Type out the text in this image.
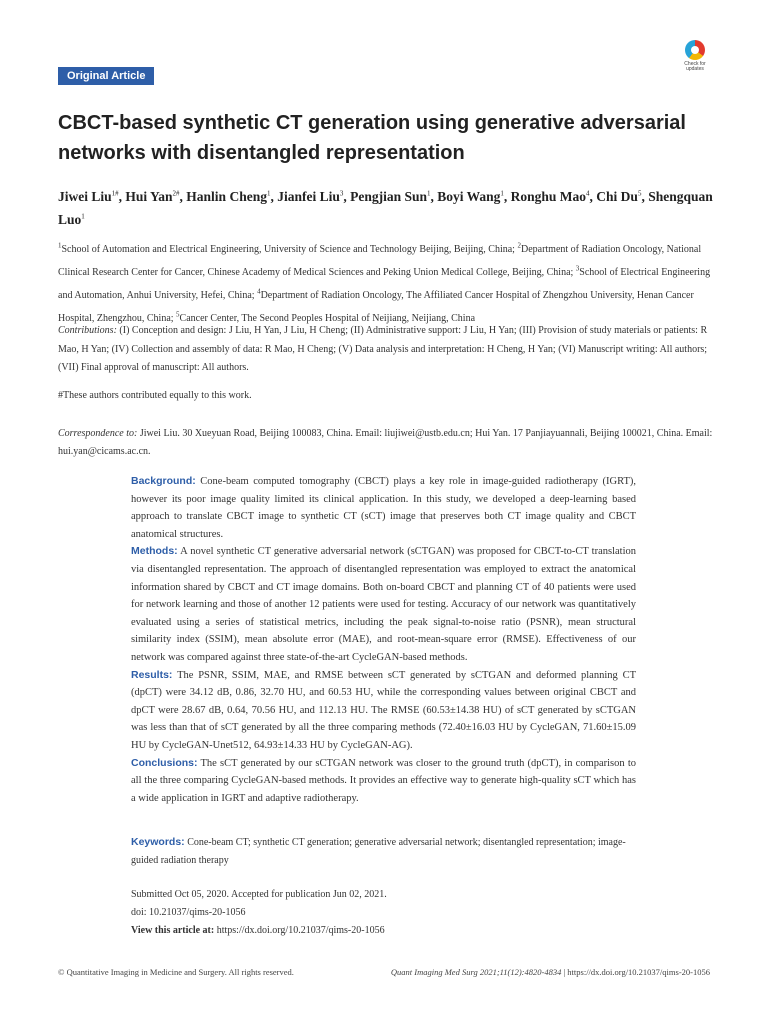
Original Article
Check for updates
CBCT-based synthetic CT generation using generative adversarial networks with disentangled representation
Jiwei Liu$^{1\#}$, Hui Yan$^{2\#}$, Hanlin Cheng$^1$, Jianfei Liu$^3$, Pengjian Sun$^1$, Boyi Wang$^1$, Ronghu Mao$^4$, Chi Du$^5$, Shengquan Luo$^1$
$^1$School of Automation and Electrical Engineering, University of Science and Technology Beijing, Beijing, China; $^2$Department of Radiation Oncology, National Clinical Research Center for Cancer, Chinese Academy of Medical Sciences and Peking Union Medical College, Beijing, China; $^3$School of Electrical Engineering and Automation, Anhui University, Hefei, China; $^4$Department of Radiation Oncology, The Affiliated Cancer Hospital of Zhengzhou University, Henan Cancer Hospital, Zhengzhou, China; $^5$Cancer Center, The Second Peoples Hospital of Neijiang, Neijiang, China
Contributions: (I) Conception and design: J Liu, H Yan, J Liu, H Cheng; (II) Administrative support: J Liu, H Yan; (III) Provision of study materials or patients: R Mao, H Yan; (IV) Collection and assembly of data: R Mao, H Cheng; (V) Data analysis and interpretation: H Cheng, H Yan; (VI) Manuscript writing: All authors; (VII) Final approval of manuscript: All authors.
#These authors contributed equally to this work.
Correspondence to: Jiwei Liu. 30 Xueyuan Road, Beijing 100083, China. Email: liujiwei@ustb.edu.cn; Hui Yan. 17 Panjiayuannali, Beijing 100021, China. Email: hui.yan@cicams.ac.cn.

Background: Cone-beam computed tomography (CBCT) plays a key role in image-guided radiotherapy (IGRT), however its poor image quality limited its clinical application. In this study, we developed a deep-learning based approach to translate CBCT image to synthetic CT (sCT) image that preserves both CT image quality and CBCT anatomical structures.

Methods: A novel synthetic CT generative adversarial network (sCTGAN) was proposed for CBCT-to-CT translation via disentangled representation. The approach of disentangled representation was employed to extract the anatomical information shared by CBCT and CT image domains. Both on-board CBCT and planning CT of 40 patients were used for network learning and those of another 12 patients were used for testing. Accuracy of our network was quantitatively evaluated using a series of statistical metrics, including the peak signal-to-noise ratio (PSNR), mean structural similarity index (SSIM), mean absolute error (MAE), and root-mean-square error (RMSE). Effectiveness of our network was compared against three state-of-the-art CycleGAN-based methods.

Results: The PSNR, SSIM, MAE, and RMSE between sCT generated by sCTGAN and deformed planning CT (dpCT) were 34.12 dB, 0.86, 32.70 HU, and 60.53 HU, while the corresponding values between original CBCT and dpCT were 28.67 dB, 0.64, 70.56 HU, and 112.13 HU. The RMSE (60.53±14.38 HU) of sCT generated by sCTGAN was less than that of sCT generated by all the three comparing methods (72.40±16.03 HU by CycleGAN, 71.60±15.09 HU by CycleGAN-Unet512, 64.93±14.33 HU by CycleGAN-AG).

Conclusions: The sCT generated by our sCTGAN network was closer to the ground truth (dpCT), in comparison to all the three comparing CycleGAN-based methods. It provides an effective way to generate high-quality sCT which has a wide application in IGRT and adaptive radiotherapy.

Keywords: Cone-beam CT; synthetic CT generation; generative adversarial network; disentangled representation; image-guided radiation therapy
Submitted Oct 05, 2020. Accepted for publication Jun 02, 2021.
doi: 10.21037/qims-20-1056
View this article at: https://dx.doi.org/10.21037/qims-20-1056
© Quantitative Imaging in Medicine and Surgery. All rights reserved.	Quant Imaging Med Surg 2021;11(12):4820-4834 | https://dx.doi.org/10.21037/qims-20-1056
